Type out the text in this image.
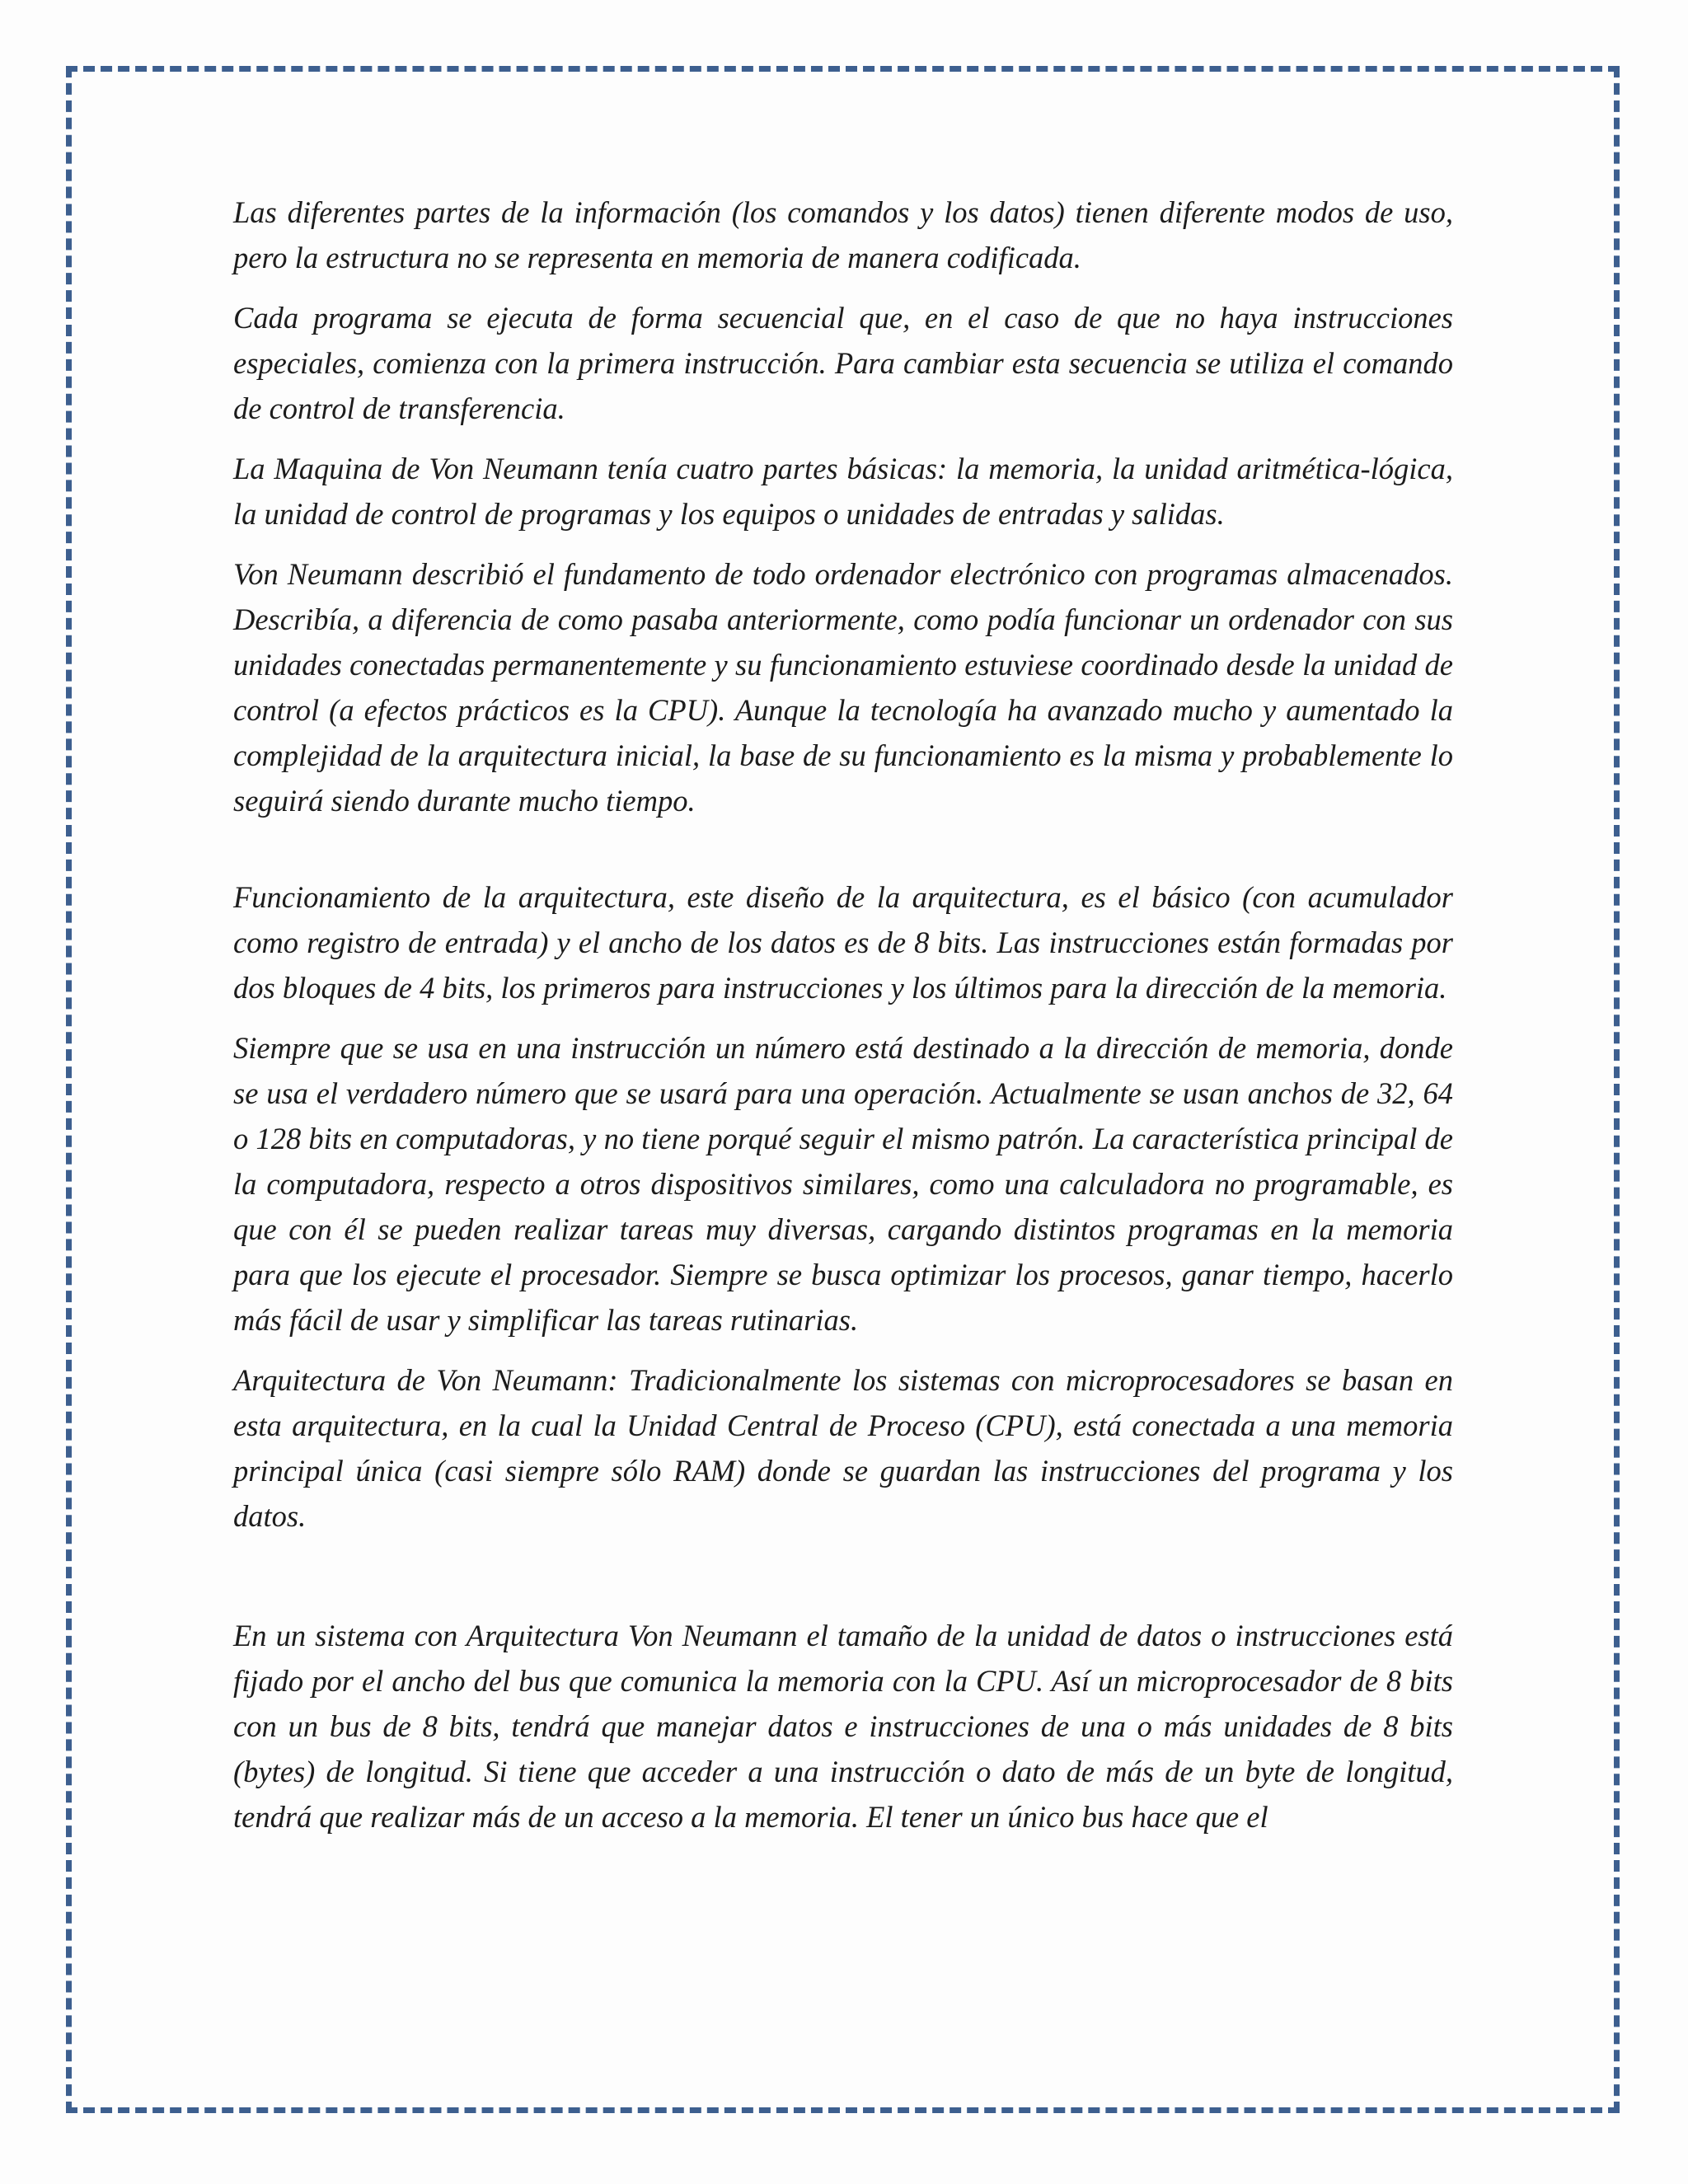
Las diferentes partes de la información (los comandos y los datos) tienen diferente modos de uso, pero la estructura no se representa en memoria de manera codificada.

Cada programa se ejecuta de forma secuencial que, en el caso de que no haya instrucciones especiales, comienza con la primera instrucción. Para cambiar esta secuencia se utiliza el comando de control de transferencia.

La Maquina de Von Neumann tenía cuatro partes básicas: la memoria, la unidad aritmética-lógica, la unidad de control de programas y los equipos o unidades de entradas y salidas.

Von Neumann describió el fundamento de todo ordenador electrónico con programas almacenados. Describía, a diferencia de como pasaba anteriormente, como podía funcionar un ordenador con sus unidades conectadas permanentemente y su funcionamiento estuviese coordinado desde la unidad de control (a efectos prácticos es la CPU). Aunque la tecnología ha avanzado mucho y aumentado la complejidad de la arquitectura inicial, la base de su funcionamiento es la misma y probablemente lo seguirá siendo durante mucho tiempo.

Funcionamiento de la arquitectura, este diseño de la arquitectura, es el básico (con acumulador como registro de entrada) y el ancho de los datos es de 8 bits. Las instrucciones están formadas por dos bloques de 4 bits, los primeros para instrucciones y los últimos para la dirección de la memoria.

Siempre que se usa en una instrucción un número está destinado a la dirección de memoria, donde se usa el verdadero número que se usará para una operación. Actualmente se usan anchos de 32, 64 o 128 bits en computadoras, y no tiene porqué seguir el mismo patrón. La característica principal de la computadora, respecto a otros dispositivos similares, como una calculadora no programable, es que con él se pueden realizar tareas muy diversas, cargando distintos programas en la memoria para que los ejecute el procesador. Siempre se busca optimizar los procesos, ganar tiempo, hacerlo más fácil de usar y simplificar las tareas rutinarias.

Arquitectura de Von Neumann: Tradicionalmente los sistemas con microprocesadores se basan en esta arquitectura, en la cual la Unidad Central de Proceso (CPU), está conectada a una memoria principal única (casi siempre sólo RAM) donde se guardan las instrucciones del programa y los datos.

En un sistema con Arquitectura Von Neumann el tamaño de la unidad de datos o instrucciones está fijado por el ancho del bus que comunica la memoria con la CPU. Así un microprocesador de 8 bits con un bus de 8 bits, tendrá que manejar datos e instrucciones de una o más unidades de 8 bits (bytes) de longitud. Si tiene que acceder a una instrucción o dato de más de un byte de longitud, tendrá que realizar más de un acceso a la memoria. El tener un único bus hace que el
